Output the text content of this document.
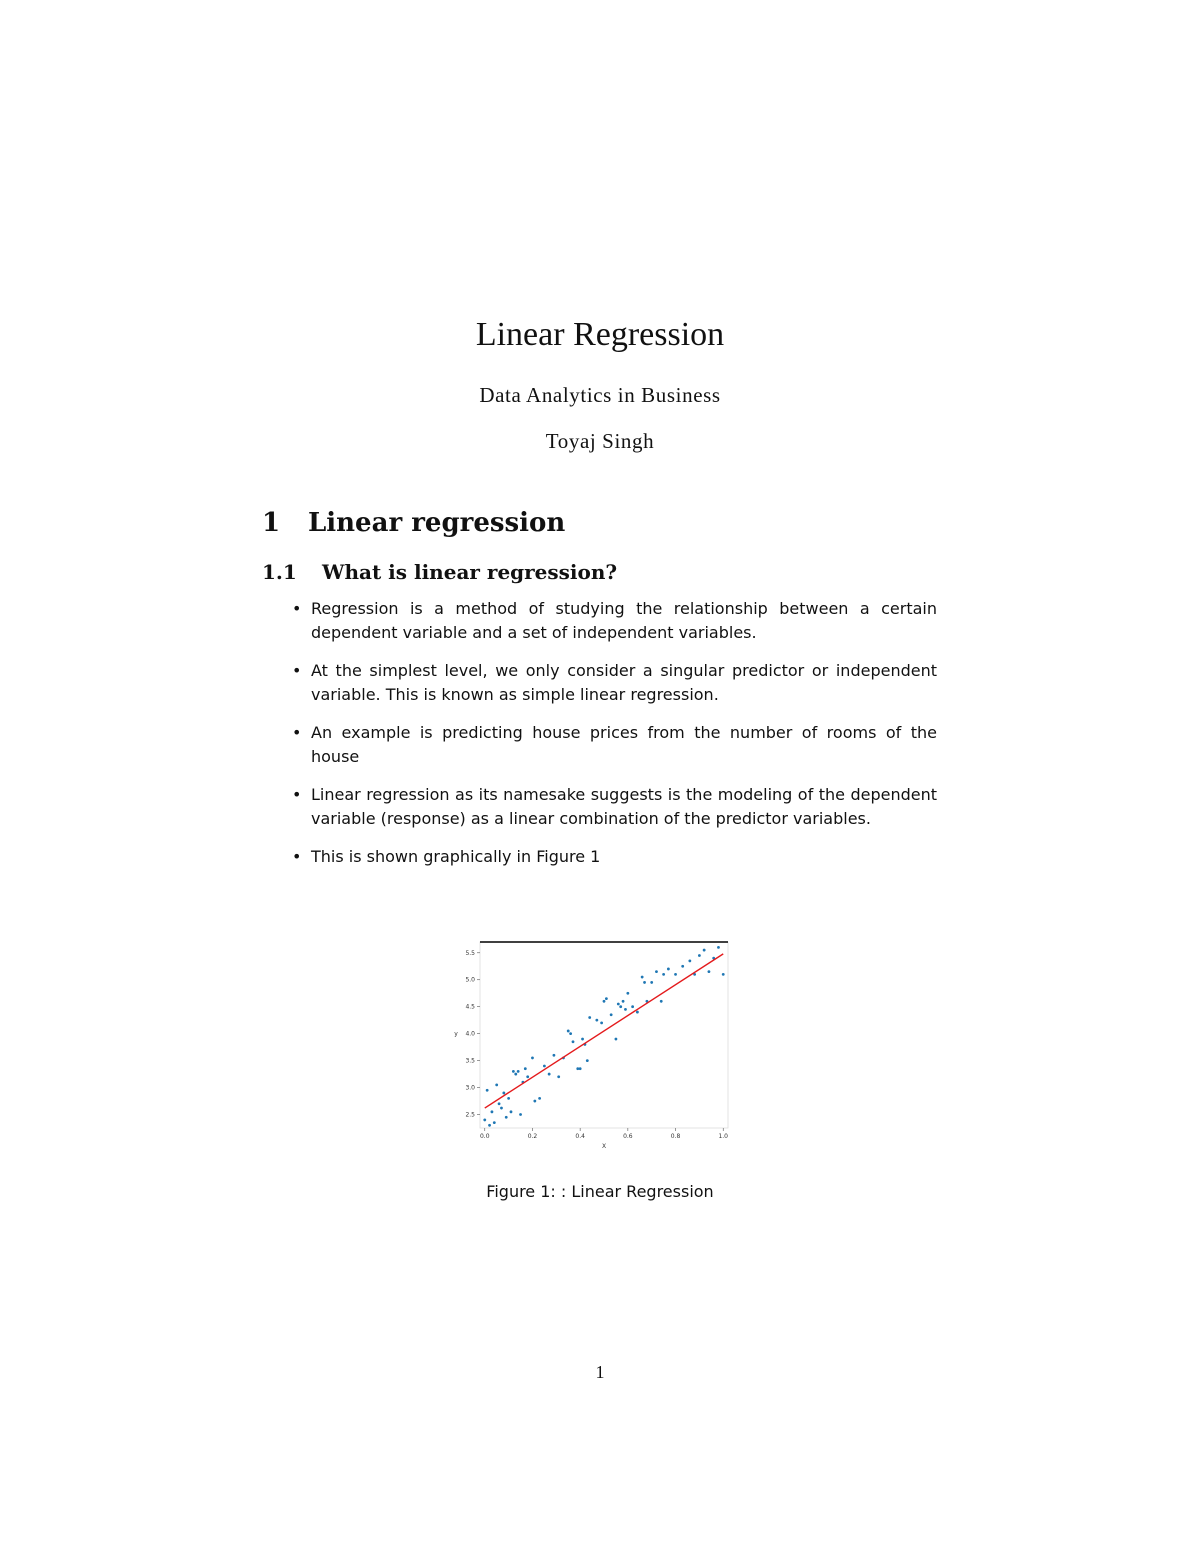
Linear Regression
Data Analytics in Business
Toyaj Singh
1 Linear regression
1.1 What is linear regression?
• Regression is a method of studying the relationship between a certain dependent variable and a set of independent variables.
• At the simplest level, we only consider a singular predictor or independent variable. This is known as simple linear regression.
• An example is predicting house prices from the number of rooms of the house
• Linear regression as its namesake suggests is the modeling of the dependent variable (response) as a linear combination of the predictor variables.
• This is shown graphically in Figure 1
2.5
3.0
3.5
4.0
4.5
5.0
5.5
0.0	0.2	0.4	0.6	0.8	1.0
X
y
Figure 1: : Linear Regression
1
